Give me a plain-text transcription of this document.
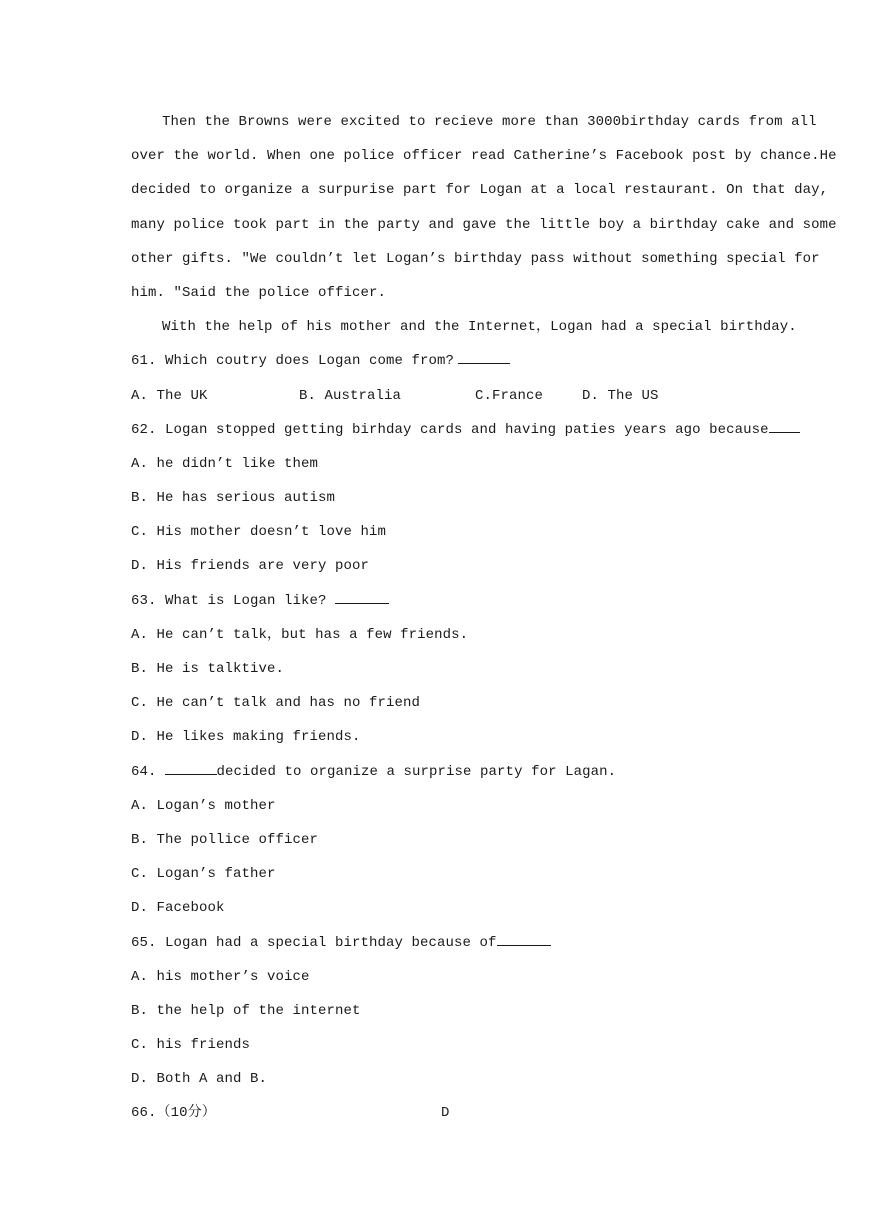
Then the Browns were excited to recieve more than 3000birthday cards from all
over the world. When one police officer read Catherine’s Facebook post by chance.He
decided to organize a surpurise part for Logan at a local restaurant. On that day,
many police took part in the party and gave the little boy a birthday cake and some
other gifts. "We couldn’t let Logan’s birthday pass without something special for
him. "Said the police officer.
With the help of his mother and the Internet，Logan had a special birthday.
61. Which coutry does Logan come from?
A. The UK	B. Australia	C.France	D. The US
62. Logan stopped getting birhday cards and having paties years ago because
A. he didn’t like them
B. He has serious autism
C. His mother doesn’t love him
D. His friends are very poor
63. What is Logan like?
A. He can’t talk，but has a few friends.
B. He is talktive.
C. He can’t talk and has no friend
D. He likes making friends.
64.	decided to organize a surprise party for Lagan.
A. Logan’s mother
B. The pollice officer
C. Logan’s father
D. Facebook
65. Logan had a special birthday because of
A. his mother’s voice
B. the help of the internet
C. his friends
D. Both A and B.
66.（10分）	D
